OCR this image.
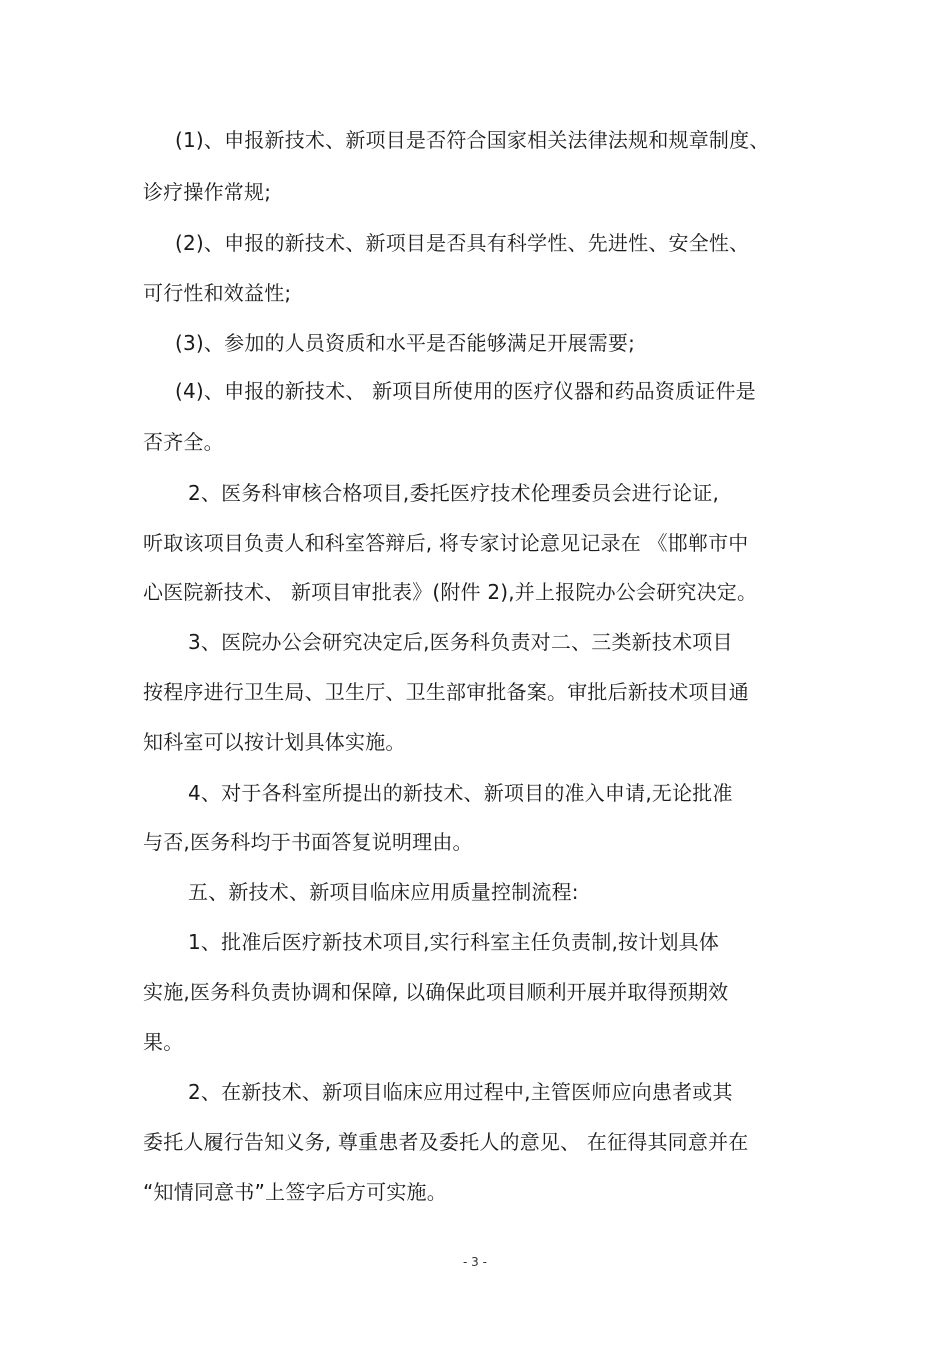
(1)、申报新技术、新项目是否符合国家相关法律法规和规章制度、
诊疗操作常规;
(2)、申报的新技术、新项目是否具有科学性、先进性、安全性、
可行性和效益性;
(3)、参加的人员资质和水平是否能够满足开展需要;
(4)、申报的新技术、 新项目所使用的医疗仪器和药品资质证件是
否齐全。
2、医务科审核合格项目,委托医疗技术伦理委员会进行论证,
听取该项目负责人和科室答辩后, 将专家讨论意见记录在 《邯郸市中
心医院新技术、 新项目审批表》(附件 2),并上报院办公会研究决定。
3、医院办公会研究决定后,医务科负责对二、三类新技术项目
按程序进行卫生局、卫生厅、卫生部审批备案。审批后新技术项目通
知科室可以按计划具体实施。
4、对于各科室所提出的新技术、新项目的准入申请,无论批准
与否,医务科均于书面答复说明理由。
五、新技术、新项目临床应用质量控制流程:
1、批准后医疗新技术项目,实行科室主任负责制,按计划具体
实施,医务科负责协调和保障, 以确保此项目顺利开展并取得预期效
果。
2、在新技术、新项目临床应用过程中,主管医师应向患者或其
委托人履行告知义务, 尊重患者及委托人的意见、 在征得其同意并在
“知情同意书”上签字后方可实施。
- 3 -
